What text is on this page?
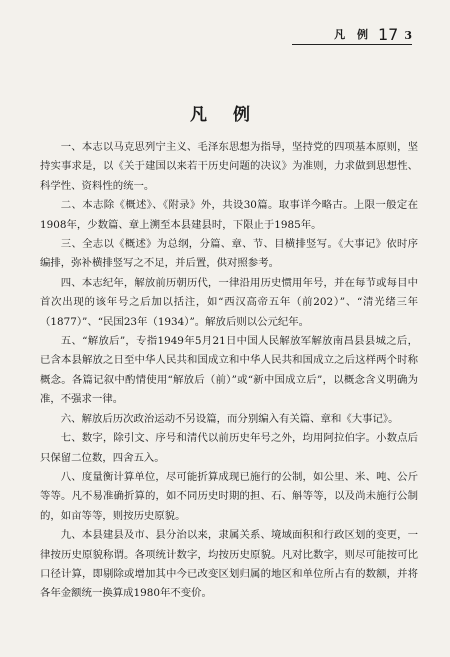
凡 例 17 3
凡 例

一、本志以马克思列宁主义、毛泽东思想为指导，坚持党的四项基本原则，坚持实事求是，以《关于建国以来若干历史问题的决议》为准则，力求做到思想性、科学性、资料性的统一。

二、本志除《概述》、《附录》外，共设30篇。取事详今略古。上限一般定在1908年，少数篇、章上溯至本县建县时，下限止于1985年。

三、全志以《概述》为总纲，分篇、章、节、目横排竖写。《大事记》依时序编排，弥补横排竖写之不足，并后置，供对照参考。

四、本志纪年，解放前历朝历代，一律沿用历史惯用年号，并在每节或每目中首次出现的该年号之后加以括注，如“西汉高帝五年（前202）”、“清光绪三年（1877）”、“民国23年（1934）”。解放后则以公元纪年。

五、“解放后”，专指1949年5月21日中国人民解放军解放南昌县县城之后，已含本县解放之日至中华人民共和国成立和中华人民共和国成立之后这样两个时称概念。各篇记叙中酌情使用“解放后（前）”或“新中国成立后”，以概念含义明确为准，不强求一律。

六、解放后历次政治运动不另设篇，而分别编入有关篇、章和《大事记》。

七、数字，除引文、序号和清代以前历史年号之外，均用阿拉伯字。小数点后只保留二位数，四舍五入。

八、度量衡计算单位，尽可能折算成现已施行的公制，如公里、米、吨、公斤等等。凡不易准确折算的，如不同历史时期的担、石、斛等等，以及尚未施行公制的，如亩等等，则按历史原貌。

九、本县建县及市、县分治以来，隶属关系、境域面积和行政区划的变更，一律按历史原貌称谓。各项统计数字，均按历史原貌。凡对比数字，则尽可能按可比口径计算，即剔除或增加其中今已改变区划归属的地区和单位所占有的数额，并将各年金额统一换算成1980年不变价。
